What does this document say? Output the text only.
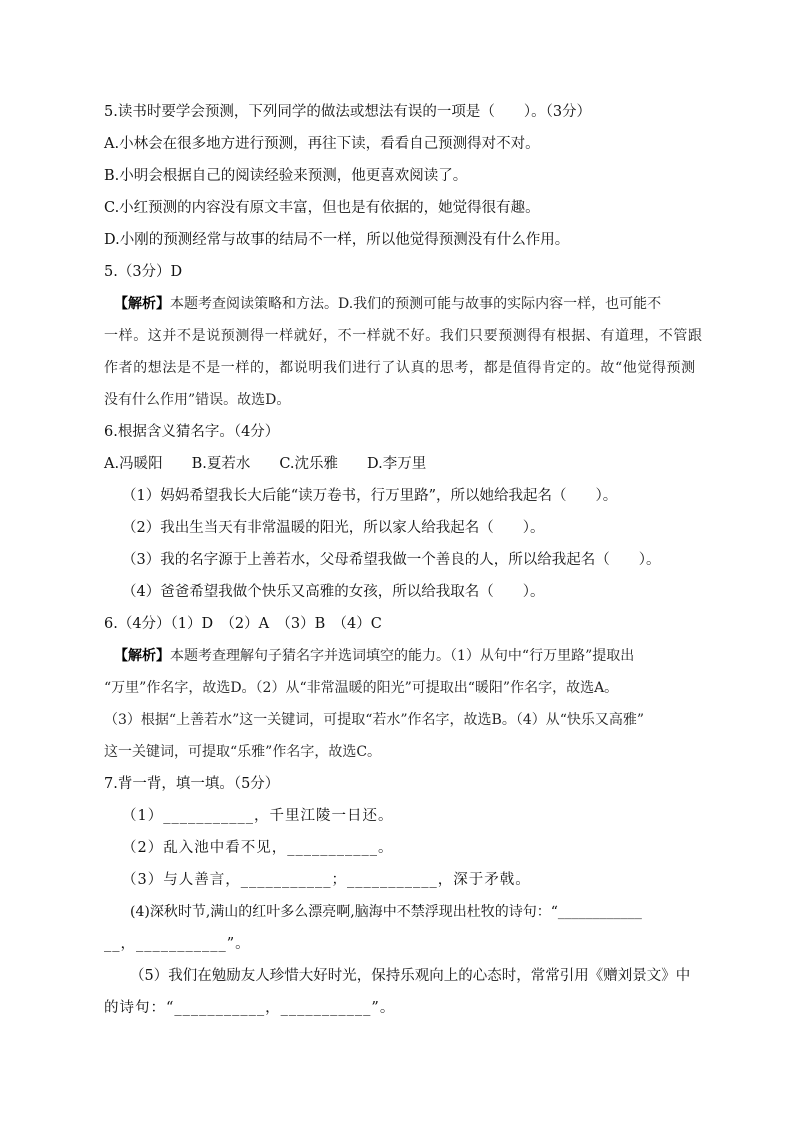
5.读书时要学会预测，下列同学的做法或想法有误的一项是（　　）。（3分）
A.小林会在很多地方进行预测，再往下读，看看自己预测得对不对。
B.小明会根据自己的阅读经验来预测，他更喜欢阅读了。
C.小红预测的内容没有原文丰富，但也是有依据的，她觉得很有趣。
D.小刚的预测经常与故事的结局不一样，所以他觉得预测没有什么作用。
5.（3分）D
【解析】本题考查阅读策略和方法。D.我们的预测可能与故事的实际内容一样，也可能不
一样。这并不是说预测得一样就好，不一样就不好。我们只要预测得有根据、有道理，不管跟
作者的想法是不是一样的，都说明我们进行了认真的思考，都是值得肯定的。故“他觉得预测
没有什么作用”错误。故选D。
6.根据含义猜名字。（4分）
A.冯暖阳　　B.夏若水　　C.沈乐雅　　D.李万里
（1）妈妈希望我长大后能“读万卷书，行万里路”，所以她给我起名（　　）。
（2）我出生当天有非常温暖的阳光，所以家人给我起名（　　）。
（3）我的名字源于上善若水，父母希望我做一个善良的人，所以给我起名（　　）。
（4）爸爸希望我做个快乐又高雅的女孩，所以给我取名（　　）。
6.（4分）（1）D　（2）A　（3）B　（4）C
【解析】本题考查理解句子猜名字并选词填空的能力。（1）从句中“行万里路”提取出
“万里”作名字，故选D。（2）从“非常温暖的阳光”可提取出“暖阳”作名字，故选A。
（3）根据“上善若水”这一关键词，可提取“若水”作名字，故选B。（4）从“快乐又高雅”
这一关键词，可提取“乐雅”作名字，故选C。
7.背一背，填一填。（5分）
（1）___________，千里江陵一日还。
（2）乱入池中看不见，___________。
（3）与人善言，___________；___________，深于矛戟。
(4)深秋时节,满山的红叶多么漂亮啊,脑海中不禁浮现出杜牧的诗句：“____________
__，___________”。
（5）我们在勉励友人珍惜大好时光，保持乐观向上的心态时，常常引用《赠刘景文》中
的诗句：“___________，___________”。
